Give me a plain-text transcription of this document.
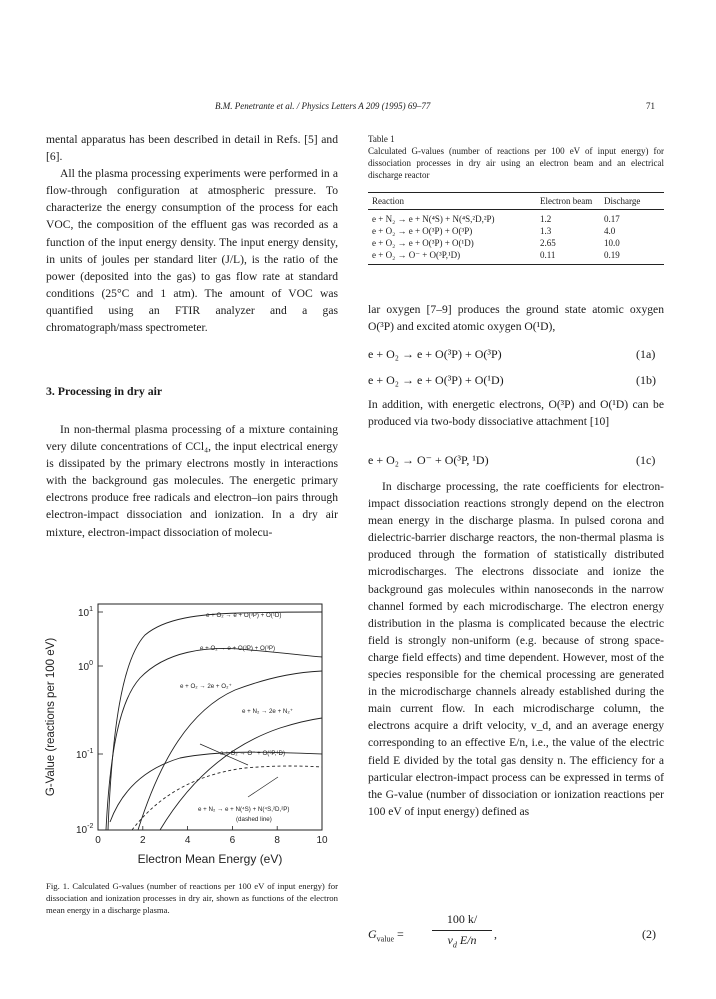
B.M. Penetrante et al. / Physics Letters A 209 (1995) 69–77	71

mental apparatus has been described in detail in Refs. [5] and [6].

All the plasma processing experiments were performed in a flow-through configuration at atmospheric pressure. To characterize the energy consumption of the process for each VOC, the composition of the effluent gas was recorded as a function of the input energy density. The input energy density, in units of joules per standard liter (J/L), is the ratio of the power (deposited into the gas) to gas flow rate at standard conditions (25°C and 1 atm). The amount of VOC was quantified using an FTIR analyzer and a gas chromatograph/mass spectrometer.

3. Processing in dry air

In non-thermal plasma processing of a mixture containing very dilute concentrations of CCl₄, the input electrical energy is dissipated by the primary electrons mostly in interactions with the background gas molecules. The energetic primary electrons produce free radicals and electron–ion pairs through electron-impact dissociation and ionization. In a dry air mixture, electron-impact dissociation of molecu-

0	2	4	6	8	10
$10^1$
$10^0$
$10^{-1}$
$10^{-2}$
Electron Mean Energy (eV)
G-Value (reactions per 100 eV)
e + O₂ → e + O(³P) + O(¹D)
e + O₂ → e + O(³P) + O(³P)
e + O₂ → 2e + O₂⁺
e + N₂ → 2e + N₂⁺
e + O₂ → O⁻ + O(³P,¹D)
e + N₂ → e + N(⁴S) + N(⁴S,²D,²P)
(dashed line)
Fig. 1. Calculated G-values (number of reactions per 100 eV of input energy) for dissociation and ionization processes in dry air, shown as functions of the electron mean energy in a discharge plasma.
Table 1
Calculated G-values (number of reactions per 100 eV of input energy) for dissociation processes in dry air using an electron beam and an electrical discharge reactor
Reaction	Electron beam	Discharge
e + N₂ → e + N(⁴S) + N(⁴S,²D,²P)	1.2	0.17
e + O₂ → e + O(³P) + O(³P)	1.3	4.0
e + O₂ → e + O(³P) + O(¹D)	2.65	10.0
e + O₂ → O⁻ + O(³P,¹D)	0.11	0.19

lar oxygen [7–9] produces the ground state atomic oxygen O(³P) and excited atomic oxygen O(¹D),

e + O₂ → e + O(³P) + O(³P)	(1a)
e + O₂ → e + O(³P) + O(¹D)	(1b)

In addition, with energetic electrons, O(³P) and O(¹D) can be produced via two-body dissociative attachment [10]

e + O₂ → O⁻ + O(³P, ¹D)	(1c)

In discharge processing, the rate coefficients for electron-impact dissociation reactions strongly depend on the electron mean energy in the discharge plasma. In pulsed corona and dielectric-barrier discharge reactors, the non-thermal plasma is produced through the formation of statistically distributed microdischarges. The electrons dissociate and ionize the background gas molecules within nanoseconds in the narrow channel formed by each microdischarge. The electron energy distribution in the plasma is complicated because the electric field is strongly non-uniform (e.g. because of strong space-charge field effects) and time dependent. However, most of the species responsible for the chemical processing are generated in the microdischarge channels already established during the main current flow. In each microdischarge column, the electrons acquire a drift velocity, v_d, and an average energy corresponding to an effective E/n, i.e., the value of the electric field E divided by the total gas density n. The efficiency for a particular electron-impact process can be expressed in terms of the G-value (number of dissociation or ionization reactions per 100 eV of input energy) defined as

$G_{value}$ =
100 k/
$v_d$ E/n	,	(2)
